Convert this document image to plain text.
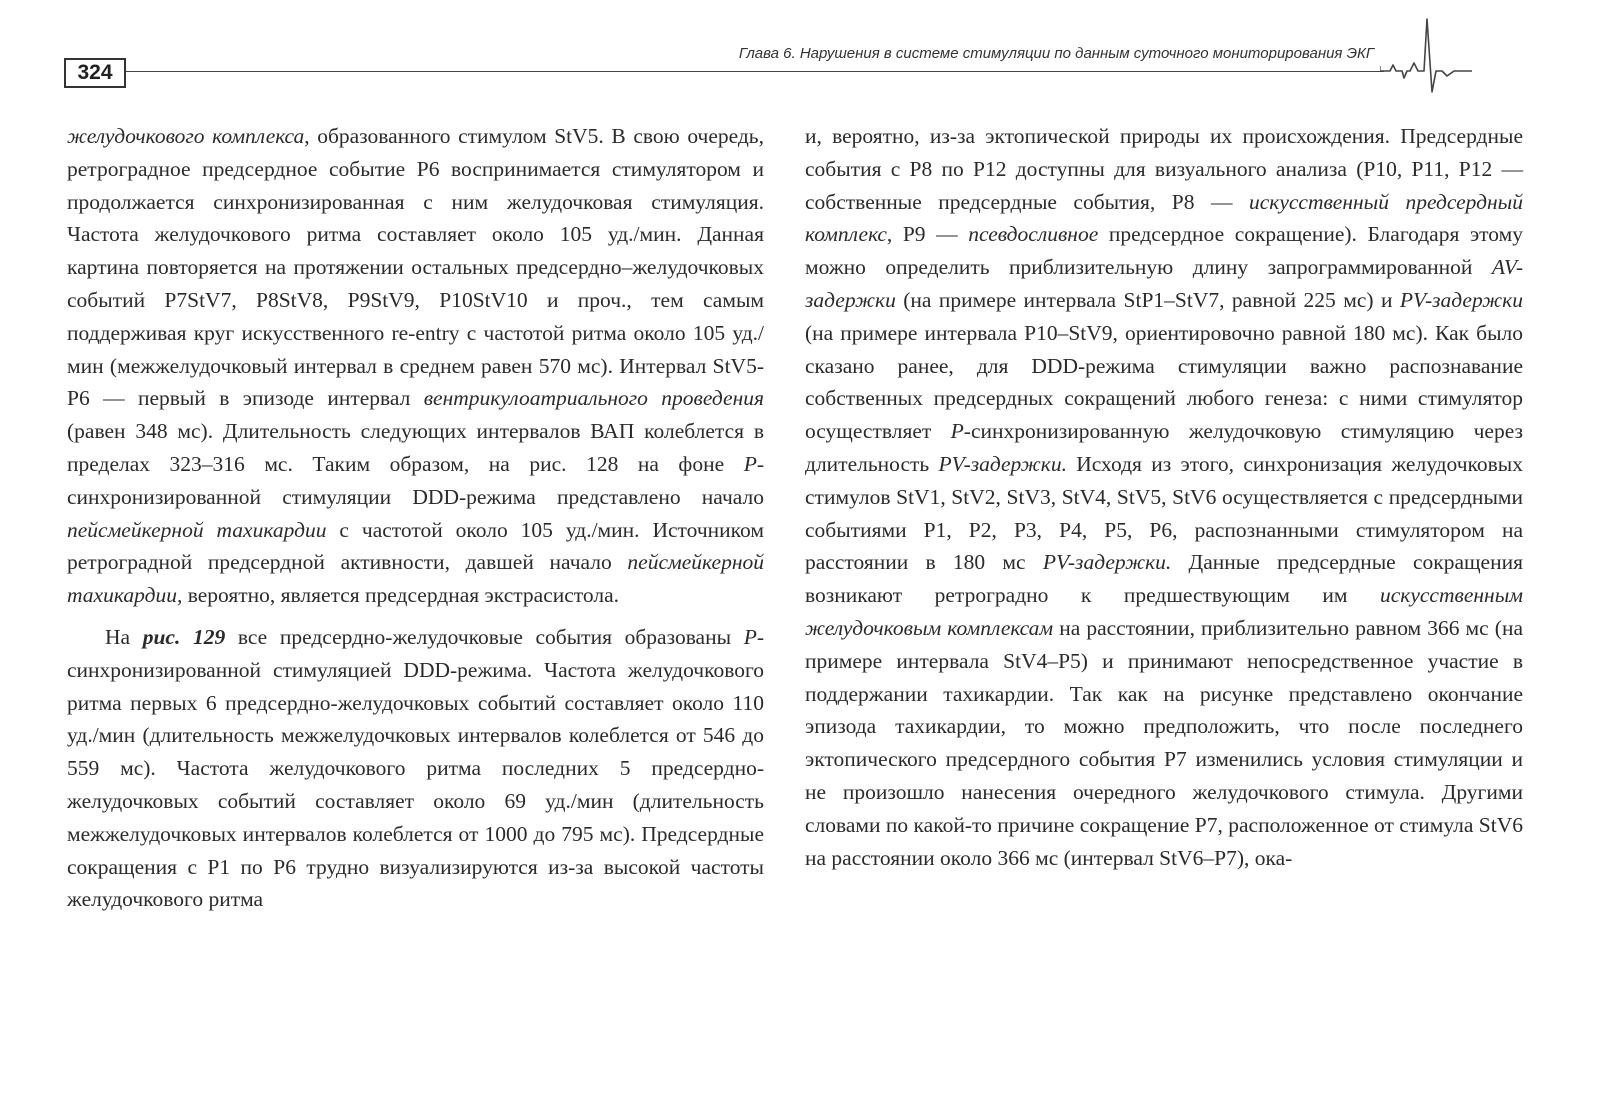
324
Глава 6. Нарушения в системе стимуляции по данным суточного мониторирования ЭКГ

желудочкового комплекса, образованного стимулом StV5. В свою очередь, ретроградное предсердное событие P6 воспринимается стимулятором и продолжается синхронизированная с ним желудочковая стимуляция. Частота желудочкового ритма составляет около 105 уд./мин. Данная картина повторяется на протяжении остальных предсердно–желудочковых событий P7StV7, P8StV8, P9StV9, P10StV10 и проч., тем самым поддерживая круг искусственного re-entry с частотой ритма около 105 уд./мин (межжелудочковый интервал в среднем равен 570 мс). Интервал StV5-P6 — первый в эпизоде интервал вентрикулоатриального проведения (равен 348 мс). Длительность следующих интервалов ВАП колеблется в пределах 323–316 мс. Таким образом, на рис. 128 на фоне P-синхронизированной стимуляции DDD-режима представлено начало пейсмейкерной тахикардии с частотой около 105 уд./мин. Источником ретроградной предсердной активности, давшей начало пейсмейкерной тахикардии, вероятно, является предсердная экстрасистола.

На рис. 129 все предсердно-желудочковые события образованы P-синхронизированной стимуляцией DDD-режима. Частота желудочкового ритма первых 6 предсердно-желудочковых событий составляет около 110 уд./мин (длительность межжелудочковых интервалов колеблется от 546 до 559 мс). Частота желудочкового ритма последних 5 предсердно-желудочковых событий составляет около 69 уд./мин (длительность межжелудочковых интервалов колеблется от 1000 до 795 мс). Предсердные сокращения с P1 по P6 трудно визуализируются из-за высокой частоты желудочкового ритма

и, вероятно, из-за эктопической природы их происхождения. Предсердные события с P8 по P12 доступны для визуального анализа (P10, P11, P12 — собственные предсердные события, P8 — искусственный предсердный комплекс, P9 — псевдосливное предсердное сокращение). Благодаря этому можно определить приблизительную длину запрограммированной AV-задержки (на примере интервала StP1–StV7, равной 225 мс) и PV-задержки (на примере интервала P10–StV9, ориентировочно равной 180 мс). Как было сказано ранее, для DDD-режима стимуляции важно распознавание собственных предсердных сокращений любого генеза: с ними стимулятор осуществляет P-синхронизированную желудочковую стимуляцию через длительность PV-задержки. Исходя из этого, синхронизация желудочковых стимулов StV1, StV2, StV3, StV4, StV5, StV6 осуществляется с предсердными событиями P1, P2, P3, P4, P5, P6, распознанными стимулятором на расстоянии в 180 мс PV-задержки. Данные предсердные сокращения возникают ретроградно к предшествующим им искусственным желудочковым комплексам на расстоянии, приблизительно равном 366 мс (на примере интервала StV4–P5) и принимают непосредственное участие в поддержании тахикардии. Так как на рисунке представлено окончание эпизода тахикардии, то можно предположить, что после последнего эктопического предсердного события P7 изменились условия стимуляции и не произошло нанесения очередного желудочкового стимула. Другими словами по какой-то причине сокращение P7, расположенное от стимула StV6 на расстоянии около 366 мс (интервал StV6–P7), ока-
